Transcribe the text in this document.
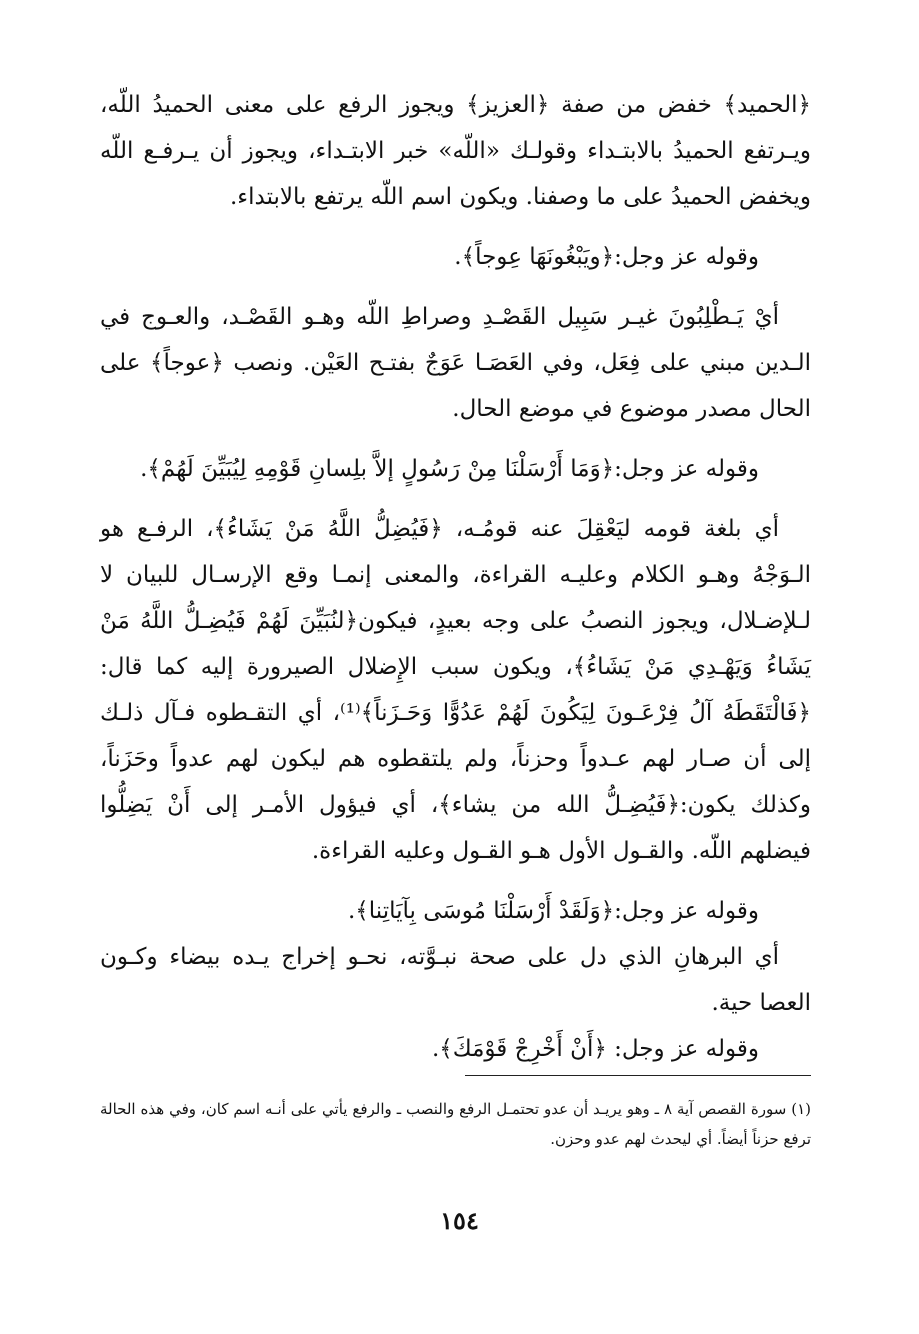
﴿الحميد﴾ خفض من صفة ﴿العزيز﴾ ويجوز الرفع على معنى الحميدُ اللّه، ويـرتفع الحميدُ بالابتـداء وقولـك «اللّه» خبر الابتـداء، ويجوز أن يـرفـع اللّه ويخفض الحميدُ على ما وصفنا. ويكون اسم اللّه يرتفع بالابتداء.

وقوله عز وجل:﴿ويَبْغُونَهَا عِوجاً﴾.

أيْ يَـطْلِبُونَ غيـر سَبِيل القَصْـدِ وصراطِ اللّه وهـو القَصْـد، والعـوج في الـدين مبني على فِعَل، وفي العَصَـا عَوَجٌ بفتـح العَيْن. ونصب ﴿عوجاً﴾ على الحال مصدر موضوع في موضع الحال.

وقوله عز وجل:﴿وَمَا أَرْسَلْنَا مِنْ رَسُولٍ إلاَّ بلِسانِ قَوْمِهِ لِيُبَيِّنَ لَهُمْ﴾.

أي بلغة قومه ليَعْقِلَ عنه قومُـه، ﴿فَيُضِلُّ اللَّهُ مَنْ يَشَاءُ﴾، الرفـع هو الـوَجْهُ وهـو الكلام وعليـه القراءة، والمعنى إنمـا وقع الإرسـال للبيان لا لـلإضـلال، ويجوز النصبُ على وجه بعيدٍ، فيكون﴿لنُبَيِّنَ لَهُمْ فَيُضِـلُّ اللَّهُ مَنْ يَشَاءُ وَيَهْـدِي مَنْ يَشَاءُ﴾، ويكون سبب الإِضلال الصيرورة إليه كما قال: ﴿فَالْتَقَطَهُ آلُ فِرْعَـونَ لِيَكُونَ لَهُمْ عَدُوًّا وَحَـزَناً﴾⁽¹⁾، أي التقـطوه فـآل ذلـك إلى أن صـار لهم عـدواً وحزناً، ولم يلتقطوه هم ليكون لهم عدواً وحَزَناً، وكذلك يكون:﴿فَيُضِـلُّ الله من يشاء﴾، أي فيؤول الأمـر إلى أَنْ يَضِلُّوا فيضلهم اللّه. والقـول الأول هـو القـول وعليه القراءة.

وقوله عز وجل:﴿وَلَقَدْ أَرْسَلْنَا مُوسَى بِآيَاتِنا﴾.

أي البرهانِ الذي دل على صحة نبـوَّته، نحـو إخراج يـده بيضاء وكـون العصا حية.

وقوله عز وجل: ﴿أَنْ أَخْرِجْ قَوْمَكَ﴾.

(١) سورة القصص آية ٨ ـ وهو يريـد أن عدو تحتمـل الرفع والنصب ـ والرفع يأتي على أنـه اسم كان، وفي هذه الحالة ترفع حزناً أيضاً. أي ليحدث لهم عدو وحزن.

١٥٤
